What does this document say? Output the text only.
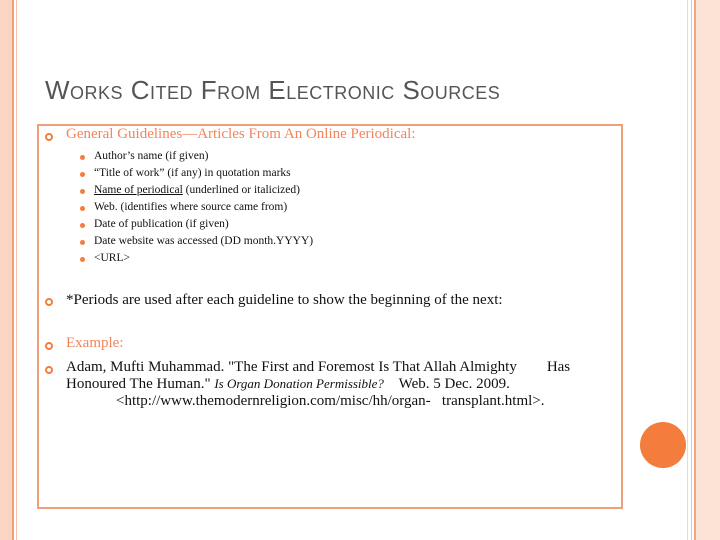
Works Cited From Electronic Sources
General Guidelines—Articles From An Online Periodical:
Author’s name (if given)
“Title of work” (if any) in quotation marks
Name of periodical (underlined or italicized)
Web. (identifies where source came from)
Date of publication (if given)
Date website was accessed (DD month.YYYY)
<URL>
*Periods are used after each guideline to show the beginning of the next:
Example:
Adam, Mufti Muhammad. "The First and Foremost Is That Allah Almighty        Has
Honoured The Human." Is Organ Donation Permissible?    Web. 5 Dec. 2009.
<http://www.themodernreligion.com/misc/hh/organ-   transplant.html>.
